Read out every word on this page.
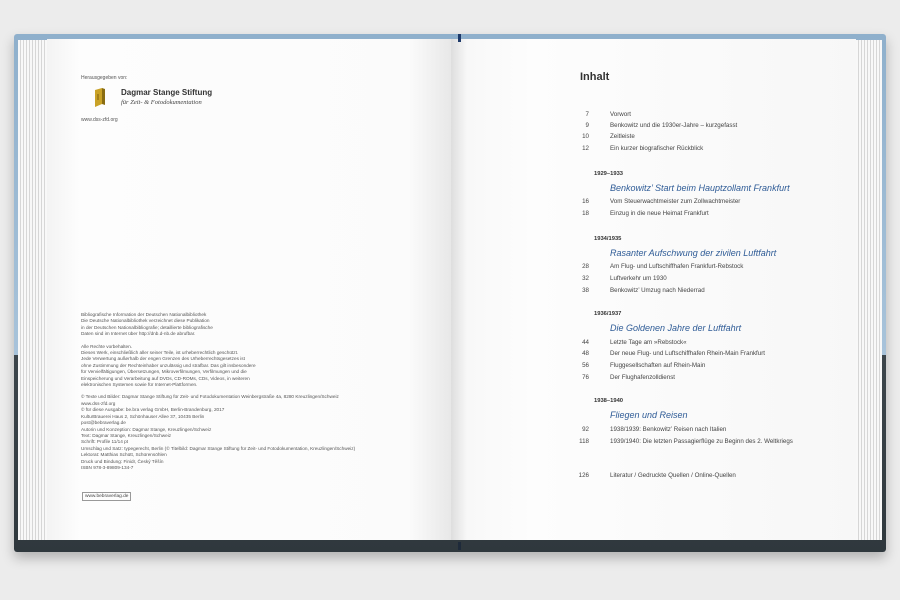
Herausgegeben von:
Dagmar Stange Stiftung
für Zeit- & Fotodokumentation
www.dss-zfd.org
Bibliografische Information der Deutschen Nationalbibliothek
Die Deutsche Nationalbibliothek verzeichnet diese Publikation
in der Deutschen Nationalbibliografie; detaillierte bibliografische
Daten sind im Internet über http://dnb.d-nb.de abrufbar.
Alle Rechte vorbehalten.
Dieses Werk, einschließlich aller seiner Teile, ist urheberrechtlich geschützt.
Jede Verwertung außerhalb der engen Grenzen des Urheberrechtsgesetzes ist
ohne Zustimmung der Rechteinhaber unzulässig und strafbar. Das gilt insbesondere
für Vervielfältigungen, Übersetzungen, Mikroverfilmungen, Verfilmungen und die
Einspeicherung und Verarbeitung auf DVDs, CD-ROMs, CDs, Videos, in weiteren
elektronischen Systemen sowie für Internet-Plattformen.
© Texte und Bilder: Dagmar Stange Stiftung für Zeit- und Fotodokumentation Weinbergstraße 4a, 8280 Kreuzlingen/Schweiz
www.dss-zfd.org
© für diese Ausgabe: be.bra verlag GmbH, Berlin-Brandenburg, 2017
KulturBrauerei Haus 2, Schönhauser Allee 37, 10435 Berlin
post@bebraverlag.de
Autorin und Konzeption: Dagmar Stange, Kreuzlingen/Schweiz
Text: Dagmar Stange, Kreuzlingen/Schweiz
Schrift: Profile 11/14 pt
Umschlag und Satz: typegerecht, Berlin (© Titelbild: Dagmar Stange Stiftung für Zeit- und Fotodokumentation, Kreuzlingen/Schweiz)
Lektorat: Matthias Schütt, Schürensöhlen
Druck und Bindung: Finidr, Český Těšín
ISBN 978-3-89809-134-7
www.bebraverlag.de
Inhalt
7	Vorwort
9	Benkowitz und die 1930er-Jahre – kurzgefasst
10	Zeitleiste
12	Ein kurzer biografischer Rückblick
1929–1933
Benkowitz’ Start beim Hauptzollamt Frankfurt
16	Vom Steuerwachtmeister zum Zollwachtmeister
18	Einzug in die neue Heimat Frankfurt
1934/1935
Rasanter Aufschwung der zivilen Luftfahrt
28	Am Flug- und Luftschiffhafen Frankfurt-Rebstock
32	Luftverkehr um 1930
38	Benkowitz’ Umzug nach Niederrad
1936/1937
Die Goldenen Jahre der Luftfahrt
44	Letzte Tage am »Rebstock«
48	Der neue Flug- und Luftschiffhafen Rhein-Main Frankfurt
56	Fluggesellschaften auf Rhein-Main
76	Der Flughafenzolldienst
1938–1940
Fliegen und Reisen
92	1938/1939: Benkowitz’ Reisen nach Italien
118	1939/1940: Die letzten Passagierflüge zu Beginn des 2. Weltkriegs
126	Literatur / Gedruckte Quellen / Online-Quellen
